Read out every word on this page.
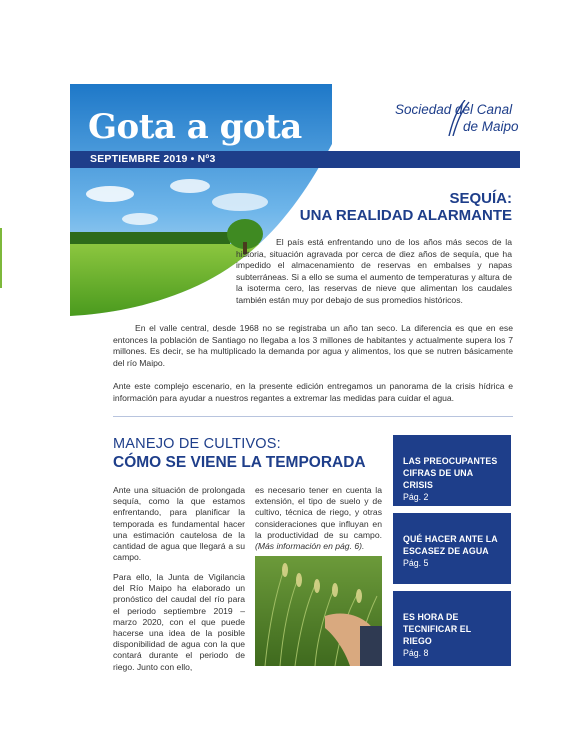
Gota a gota
SEPTIEMBRE 2019 • Nº3
Sociedad del Canal
de Maipo
SEQUÍA:
UNA REALIDAD ALARMANTE
El país está enfrentando uno de los años más secos de la historia, situación agravada por cerca de diez años de sequía, que ha impedido el almacenamiento de reservas en embalses y napas subterráneas. Si a ello se suma el aumento de temperaturas y altura de la isoterma cero, las reservas de nieve que alimentan los caudales también están muy por debajo de sus promedios históricos.

En el valle central, desde 1968 no se registraba un año tan seco. La diferencia es que en ese entonces la población de Santiago no llegaba a los 3 millones de habitantes y actualmente supera los 7 millones. Es decir, se ha multiplicado la demanda por agua y alimentos, los que se nutren básicamente del río Maipo.

Ante este complejo escenario, en la presente edición entregamos un panorama de la crisis hídrica e información para ayudar a nuestros regantes a extremar las medidas para cuidar el agua.

MANEJO DE CULTIVOS:
CÓMO SE VIENE LA TEMPORADA

Ante una situación de prolongada sequía, como la que estamos enfrentando, para planificar la temporada es fundamental hacer una estimación cautelosa de la cantidad de agua que llegará a su campo.

Para ello, la Junta de Vigilancia del Río Maipo ha elaborado un pronóstico del caudal del río para el periodo septiembre 2019 – marzo 2020, con el que puede hacerse una idea de la posible disponibilidad de agua con la que contará durante el periodo de riego. Junto con ello,

es necesario tener en cuenta la extensión, el tipo de suelo y de cultivo, técnica de riego, y otras consideraciones que influyan en la productividad de su campo. (Más información en pág. 6).

LAS PREOCUPANTES CIFRAS DE UNA CRISIS
Pág. 2
QUÉ HACER ANTE LA ESCASEZ DE AGUA
Pág. 5
ES HORA DE TECNIFICAR EL RIEGO
Pág. 8
